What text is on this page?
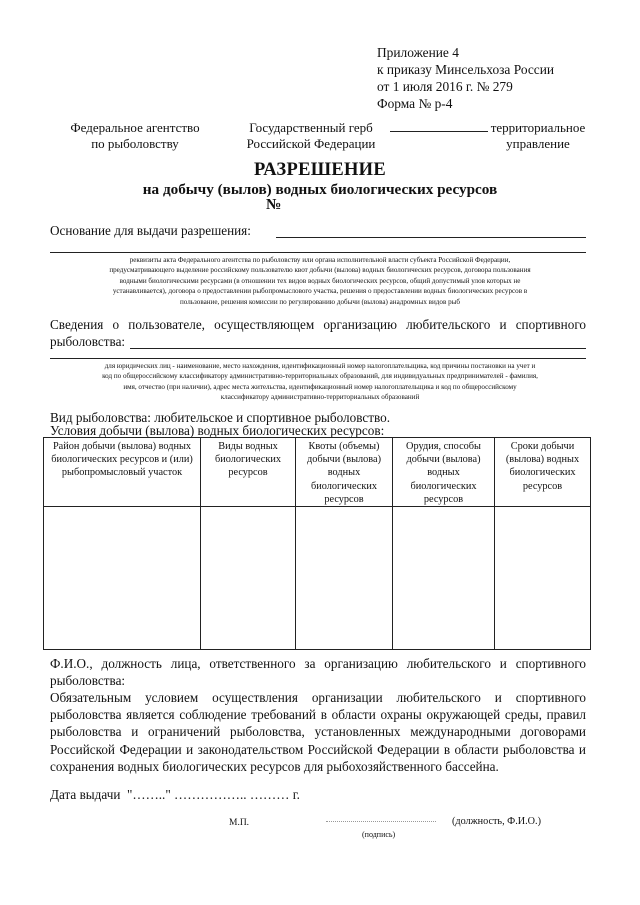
Приложение 4
к приказу Минсельхоза России
от 1 июля 2016 г. № 279
Форма № р-4
Федеральное агентство
по рыболовству
Государственный герб
Российской Федерации
территориальное
управление
РАЗРЕШЕНИЕ
на добычу (вылов) водных биологических ресурсов
№
Основание для выдачи разрешения:
реквизиты акта Федерального агентства по рыболовству или органа исполнительной власти субъекта Российской Федерации,
предусматривающего выделение российскому пользователю квот добычи (вылова) водных биологических ресурсов, договора пользования
водными биологическими ресурсами (в отношении тех видов водных биологических ресурсов, общий допустимый улов которых не
устанавливается), договора о предоставлении рыбопромыслового участка, решения о предоставлении водных биологических ресурсов в
пользование, решения комиссии по регулированию добычи (вылова) анадромных видов рыб
Сведения о пользователе, осуществляющем организацию любительского и спортивного
рыболовства:
для юридических лиц - наименование, место нахождения, идентификационный номер налогоплательщика, код причины постановки на учет и
код по общероссийскому классификатору административно-территориальных образований, для индивидуальных предпринимателей - фамилия,
имя, отчество (при наличии), адрес места жительства, идентификационный номер налогоплательщика и код по общероссийскому
классификатору административно-территориальных образований
Вид рыболовства: любительское и спортивное рыболовство.
Условия добычи (вылова) водных биологических ресурсов:
Район добычи (вылова) водных биологических ресурсов и (или) рыбопромысловый участок	Виды водных биологических ресурсов	Квоты (объемы) добычи (вылова) водных биологических ресурсов	Орудия, способы добычи (вылова) водных биологических ресурсов	Сроки добычи (вылова) водных биологических ресурсов

Ф.И.О., должность лица, ответственного за организацию любительского и спортивного
рыболовства:
Обязательным условием осуществления организации любительского и спортивного
рыболовства является соблюдение требований в области охраны окружающей среды, правил
рыболовства и ограничений рыболовства, установленных международными договорами
Российской Федерации и законодательством Российской Федерации в области рыболовства и
сохранения водных биологических ресурсов для рыбохозяйственного бассейна.
Дата выдачи "…….." …………….. ……… г.
М.П.
(подпись)
(должность, Ф.И.О.)
